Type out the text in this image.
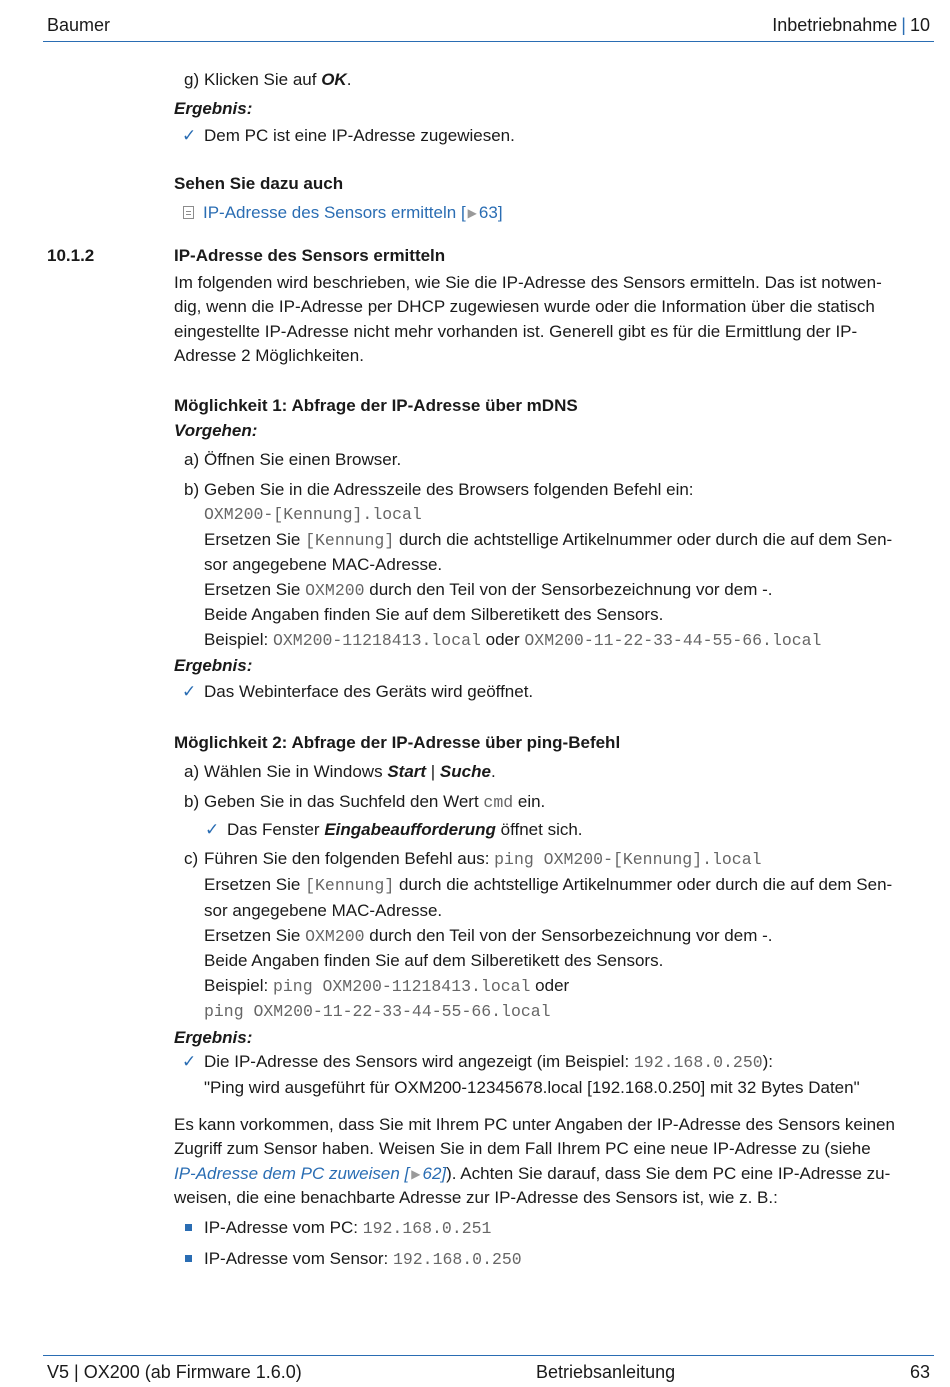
Baumer	Inbetriebnahme | 10
g) Klicken Sie auf OK.
Ergebnis:
✓ Dem PC ist eine IP-Adresse zugewiesen.
Sehen Sie dazu auch
IP-Adresse des Sensors ermitteln [ ▶ 63]
10.1.2	IP-Adresse des Sensors ermitteln
Im folgenden wird beschrieben, wie Sie die IP-Adresse des Sensors ermitteln. Das ist notwen-
dig, wenn die IP-Adresse per DHCP zugewiesen wurde oder die Information über die statisch
eingestellte IP-Adresse nicht mehr vorhanden ist. Generell gibt es für die Ermittlung der IP-
Adresse 2 Möglichkeiten.
Möglichkeit 1: Abfrage der IP-Adresse über mDNS
Vorgehen:
a) Öffnen Sie einen Browser.
b) Geben Sie in die Adresszeile des Browsers folgenden Befehl ein:
OXM200-[Kennung].local
Ersetzen Sie [Kennung] durch die achtstellige Artikelnummer oder durch die auf dem Sen-
sor angegebene MAC-Adresse.
Ersetzen Sie OXM200 durch den Teil von der Sensorbezeichnung vor dem -.
Beide Angaben finden Sie auf dem Silberetikett des Sensors.
Beispiel: OXM200-11218413.local oder OXM200-11-22-33-44-55-66.local
Ergebnis:
✓ Das Webinterface des Geräts wird geöffnet.
Möglichkeit 2: Abfrage der IP-Adresse über ping-Befehl
a) Wählen Sie in Windows Start | Suche.
b) Geben Sie in das Suchfeld den Wert cmd ein.
✓ Das Fenster Eingabeaufforderung öffnet sich.
c) Führen Sie den folgenden Befehl aus: ping OXM200-[Kennung].local
Ersetzen Sie [Kennung] durch die achtstellige Artikelnummer oder durch die auf dem Sen-
sor angegebene MAC-Adresse.
Ersetzen Sie OXM200 durch den Teil von der Sensorbezeichnung vor dem -.
Beide Angaben finden Sie auf dem Silberetikett des Sensors.
Beispiel: ping OXM200-11218413.local oder
ping OXM200-11-22-33-44-55-66.local
Ergebnis:
✓ Die IP-Adresse des Sensors wird angezeigt (im Beispiel: 192.168.0.250):
"Ping wird ausgeführt für OXM200-12345678.local [192.168.0.250] mit 32 Bytes Daten"
Es kann vorkommen, dass Sie mit Ihrem PC unter Angaben der IP-Adresse des Sensors keinen
Zugriff zum Sensor haben. Weisen Sie in dem Fall Ihrem PC eine neue IP-Adresse zu (siehe
IP-Adresse dem PC zuweisen [ ▶ 62]). Achten Sie darauf, dass Sie dem PC eine IP-Adresse zu-
weisen, die eine benachbarte Adresse zur IP-Adresse des Sensors ist, wie z. B.:
IP-Adresse vom PC: 192.168.0.251
IP-Adresse vom Sensor: 192.168.0.250
V5 | OX200 (ab Firmware 1.6.0)	Betriebsanleitung	63
